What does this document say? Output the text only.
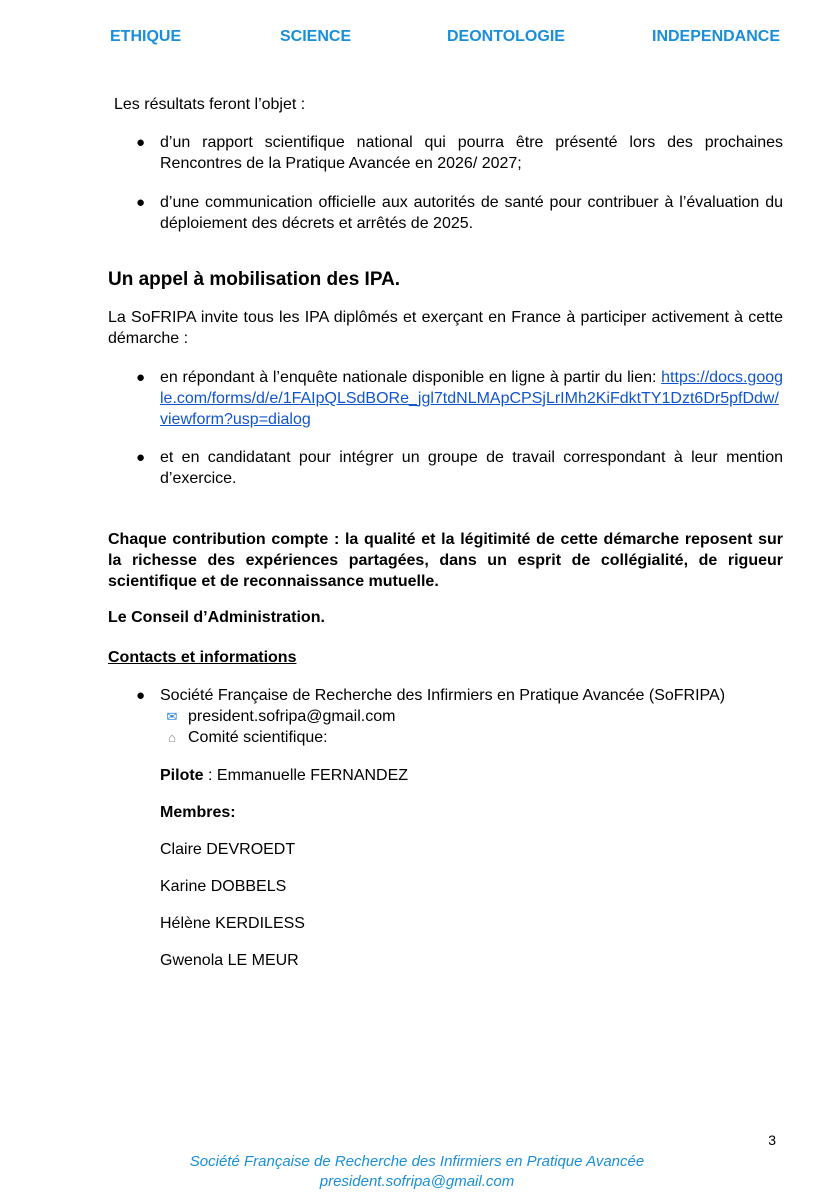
ETHIQUE	SCIENCE	DEONTOLOGIE	INDEPENDANCE

Les résultats feront l’objet :

● d’un rapport scientifique national qui pourra être présenté lors des prochaines Rencontres de la Pratique Avancée en 2026/ 2027;
● d’une communication officielle aux autorités de santé pour contribuer à l’évaluation du déploiement des décrets et arrêtés de 2025.
Un appel à mobilisation des IPA.

La SoFRIPA invite tous les IPA diplômés et exerçant en France à participer activement à cette démarche :

● en répondant à l’enquête nationale disponible en ligne à partir du lien: https://docs.google.com/forms/d/e/1FAIpQLSdBORe_jgl7tdNLMApCPSjLrIMh2KiFdktTY1Dzt6Dr5pfDdw/viewform?usp=dialog
● et en candidatant pour intégrer un groupe de travail correspondant à leur mention d’exercice.

Chaque contribution compte : la qualité et la légitimité de cette démarche reposent sur la richesse des expériences partagées, dans un esprit de collégialité, de rigueur scientifique et de reconnaissance mutuelle.

Le Conseil d’Administration.

Contacts et informations

● Société Française de Recherche des Infirmiers en Pratique Avancée (SoFRIPA)
✉ president.sofripa@gmail.com
⌂ Comité scientifique:

Pilote : Emmanuelle FERNANDEZ

Membres:

Claire DEVROEDT

Karine DOBBELS

Hélène KERDILESS

Gwenola LE MEUR

3
Société Française de Recherche des Infirmiers en Pratique Avancée
president.sofripa@gmail.com
